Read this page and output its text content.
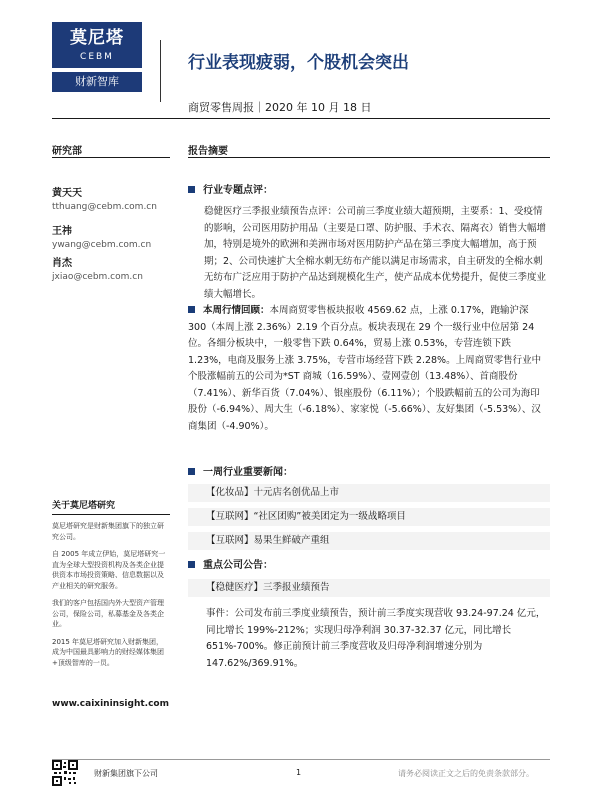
莫尼塔
CEBM
财新智库
行业表现疲弱，个股机会突出
商贸零售周报｜2020 年 10 月 18 日
研究部
黄天天
tthuang@cebm.com.cn
王祎
ywang@cebm.com.cn
肖杰
jxiao@cebm.com.cn
关于莫尼塔研究

莫尼塔研究是财新集团旗下的独立研究公司。

自 2005 年成立伊始，莫尼塔研究一直为全球大型投资机构及各类企业提供资本市场投资策略、信息数据以及产业相关的研究服务。

我们的客户包括国内外大型资产管理公司，保险公司，私募基金及各类企业。

2015 年莫尼塔研究加入财新集团，成为中国最具影响力的财经媒体集团+顶级智库的一员。

www.caixininsight.com
报告摘要
行业专题点评：

稳健医疗三季报业绩预告点评：公司前三季度业绩大超预期，主要系：1、受疫情的影响，公司医用防护用品（主要是口罩、防护服、手术衣、隔离衣）销售大幅增加，特别是境外的欧洲和美洲市场对医用防护产品在第三季度大幅增加，高于预期；2、公司快速扩大全棉水刺无纺布产能以满足市场需求，自主研发的全棉水刺无纺布广泛应用于防护产品达到规模化生产，使产品成本优势提升，促使三季度业绩大幅增长。

本周行情回顾：本周商贸零售板块报收 4569.62 点，上涨 0.17%，跑输沪深 300（本周上涨 2.36%）2.19 个百分点。板块表现在 29 个一级行业中位居第 24 位。各细分板块中，一般零售下跌 0.64%，贸易上涨 0.53%，专营连锁下跌 1.23%，电商及服务上涨 3.75%，专营市场经营下跌 2.28%。上周商贸零售行业中个股涨幅前五的公司为*ST 商城（16.59%）、壹网壹创（13.48%）、首商股份（7.41%）、新华百货（7.04%）、银座股份（6.11%）；个股跌幅前五的公司为海印股份（-6.94%）、周大生（-6.18%）、家家悦（-5.66%）、友好集团（-5.53%）、汉商集团（-4.90%）。

一周行业重要新闻：
【化妆品】十元店名创优品上市
【互联网】“社区团购”被美团定为一级战略项目
【互联网】易果生鲜破产重组
重点公司公告：
【稳健医疗】三季报业绩预告

事件：公司发布前三季度业绩预告，预计前三季度实现营收 93.24-97.24 亿元，同比增长 199%-212%；实现归母净利润 30.37-32.37 亿元，同比增长 651%-700%。修正前预计前三季度营收及归母净利润增速分别为 147.62%/369.91%。

财新集团旗下公司	1	请务必阅读正文之后的免责条款部分。
